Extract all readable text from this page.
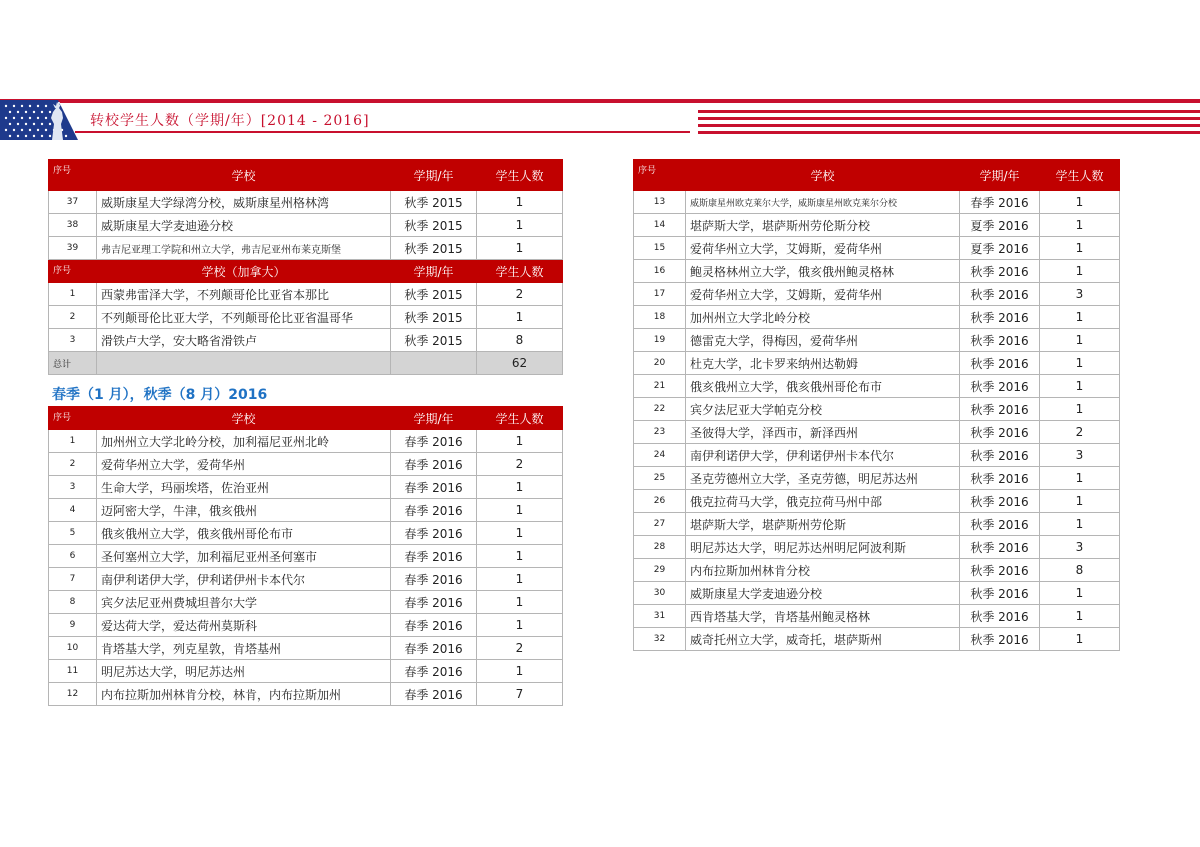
转校学生人数（学期/年）[2014 - 2016]
序号	学校	学期/年	学生人数
37	威斯康星大学绿湾分校，威斯康星州格林湾	秋季 2015	1
38	威斯康星大学麦迪逊分校	秋季 2015	1
39	弗吉尼亚理工学院和州立大学，弗吉尼亚州布莱克斯堡	秋季 2015	1
序号	学校（加拿大）	学期/年	学生人数
1	西蒙弗雷泽大学，不列颠哥伦比亚省本那比	秋季 2015	2
2	不列颠哥伦比亚大学，不列颠哥伦比亚省温哥华	秋季 2015	1
3	滑铁卢大学，安大略省滑铁卢	秋季 2015	8
总计			62
春季（1 月），秋季（8 月）2016
序号	学校	学期/年	学生人数
1	加州州立大学北岭分校，加利福尼亚州北岭	春季 2016	1
2	爱荷华州立大学，爱荷华州	春季 2016	2
3	生命大学，玛丽埃塔，佐治亚州	春季 2016	1
4	迈阿密大学，牛津，俄亥俄州	春季 2016	1
5	俄亥俄州立大学，俄亥俄州哥伦布市	春季 2016	1
6	圣何塞州立大学，加利福尼亚州圣何塞市	春季 2016	1
7	南伊利诺伊大学，伊利诺伊州卡本代尔	春季 2016	1
8	宾夕法尼亚州费城坦普尔大学	春季 2016	1
9	爱达荷大学，爱达荷州莫斯科	春季 2016	1
10	肯塔基大学，列克星敦，肯塔基州	春季 2016	2
11	明尼苏达大学，明尼苏达州	春季 2016	1
12	内布拉斯加州林肯分校，林肯，内布拉斯加州	春季 2016	7
序号	学校	学期/年	学生人数
13	威斯康星州欧克莱尔大学，威斯康星州欧克莱尔分校	春季 2016	1
14	堪萨斯大学，堪萨斯州劳伦斯分校	夏季 2016	1
15	爱荷华州立大学，艾姆斯，爱荷华州	夏季 2016	1
16	鲍灵格林州立大学，俄亥俄州鲍灵格林	秋季 2016	1
17	爱荷华州立大学，艾姆斯，爱荷华州	秋季 2016	3
18	加州州立大学北岭分校	秋季 2016	1
19	德雷克大学，得梅因，爱荷华州	秋季 2016	1
20	杜克大学，北卡罗来纳州达勒姆	秋季 2016	1
21	俄亥俄州立大学，俄亥俄州哥伦布市	秋季 2016	1
22	宾夕法尼亚大学帕克分校	秋季 2016	1
23	圣彼得大学，泽西市，新泽西州	秋季 2016	2
24	南伊利诺伊大学，伊利诺伊州卡本代尔	秋季 2016	3
25	圣克劳德州立大学，圣克劳德，明尼苏达州	秋季 2016	1
26	俄克拉荷马大学，俄克拉荷马州中部	秋季 2016	1
27	堪萨斯大学，堪萨斯州劳伦斯	秋季 2016	1
28	明尼苏达大学，明尼苏达州明尼阿波利斯	秋季 2016	3
29	内布拉斯加州林肯分校	秋季 2016	8
30	威斯康星大学麦迪逊分校	秋季 2016	1
31	西肯塔基大学，肯塔基州鲍灵格林	秋季 2016	1
32	威奇托州立大学，威奇托，堪萨斯州	秋季 2016	1
